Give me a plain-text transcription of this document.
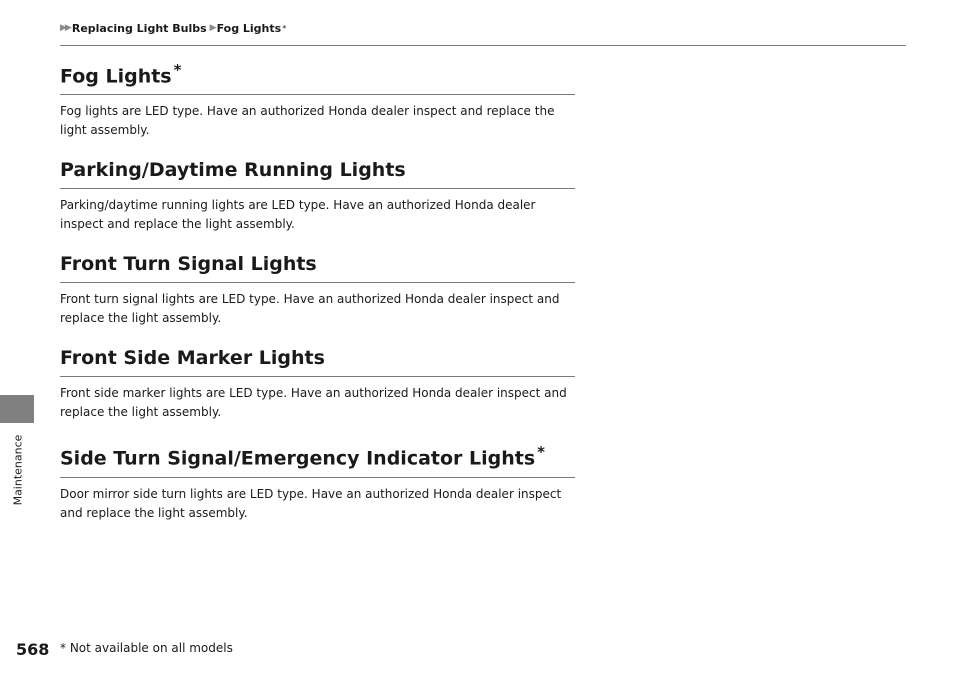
▶▶ Replacing Light Bulbs ▶ Fog Lights *
Maintenance
Fog Lights *
Fog lights are LED type. Have an authorized Honda dealer inspect and replace the light assembly.
Parking/Daytime Running Lights
Parking/daytime running lights are LED type. Have an authorized Honda dealer inspect and replace the light assembly.
Front Turn Signal Lights
Front turn signal lights are LED type. Have an authorized Honda dealer inspect and replace the light assembly.
Front Side Marker Lights
Front side marker lights are LED type. Have an authorized Honda dealer inspect and replace the light assembly.
Side Turn Signal/Emergency Indicator Lights *
Door mirror side turn lights are LED type. Have an authorized Honda dealer inspect and replace the light assembly.
568 * Not available on all models
